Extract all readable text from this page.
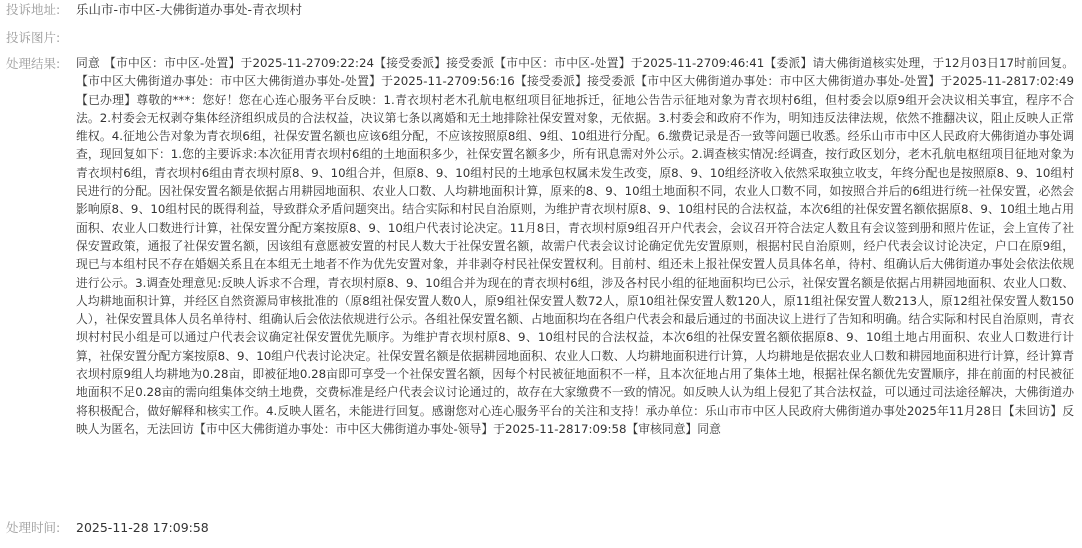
投诉地址:	乐山市-市中区-大佛街道办事处-青衣坝村
投诉图片:
处理结果:	同意 【市中区：市中区-处置】于2025-11-2709:22:24【接受委派】接受委派【市中区：市中区-处置】于2025-11-2709:46:41【委派】请大佛街道核实处理，于12月03日17时前回复。【市中区大佛街道办事处：市中区大佛街道办事处-处置】于2025-11-2709:56:16【接受委派】接受委派【市中区大佛街道办事处：市中区大佛街道办事处-处置】于2025-11-2817:02:49【已办理】尊敬的***：您好！您在心连心服务平台反映：1.青衣坝村老木孔航电枢纽项目征地拆迁，征地公告告示征地对象为青衣坝村6组，但村委会以原9组开会决议相关事宜，程序不合法。2.村委会无权剥夺集体经济组织成员的合法权益，决议第七条以离婚和无土地排除社保安置对象，无依据。3.村委会和政府不作为，明知违反法律法规，依然不推翻决议，阻止反映人正常维权。4.征地公告对象为青衣坝6组，社保安置名额也应该6组分配，不应该按照原8组、9组、10组进行分配。6.缴费记录是否一致等问题已收悉。经乐山市市中区人民政府大佛街道办事处调查，现回复如下：1.您的主要诉求:本次征用青衣坝村6组的土地面积多少，社保安置名额多少，所有讯息需对外公示。2.调查核实情况:经调查，按行政区划分，老木孔航电枢纽项目征地对象为青衣坝村6组，青衣坝村6组由青衣坝村原8、9、10组合并，但原8、9、10组村民的土地承包权属未发生改变，原8、9、10组经济收入依然采取独立收支，年终分配也是按照原8、9、10组村民进行的分配。因社保安置名额是依据占用耕园地面积、农业人口数、人均耕地面积计算，原来的8、9、10组土地面积不同，农业人口数不同，如按照合并后的6组进行统一社保安置，必然会影响原8、9、10组村民的既得利益，导致群众矛盾问题突出。结合实际和村民自治原则，为维护青衣坝村原8、9、10组村民的合法权益，本次6组的社保安置名额依据原8、9、10组土地占用面积、农业人口数进行计算，社保安置分配方案按原8、9、10组户代表讨论决定。11月8日，青衣坝村原9组召开户代表会，会议召开符合法定人数且有会议签到册和照片佐证，会上宣传了社保安置政策，通报了社保安置名额，因该组有意愿被安置的村民人数大于社保安置名额，故需户代表会议讨论确定优先安置原则，根据村民自治原则，经户代表会议讨论决定，户口在原9组，现已与本组村民不存在婚姻关系且在本组无土地者不作为优先安置对象，并非剥夺村民社保安置权利。目前村、组还未上报社保安置人员具体名单，待村、组确认后大佛街道办事处会依法依规进行公示。3.调查处理意见:反映人诉求不合理，青衣坝村原8、9、10组合并为现在的青衣坝村6组，涉及各村民小组的征地面积均已公示，社保安置名额是依据占用耕园地面积、农业人口数、人均耕地面积计算，并经区自然资源局审核批准的（原8组社保安置人数0人，原9组社保安置人数72人，原10组社保安置人数120人，原11组社保安置人数213人，原12组社保安置人数150人），社保安置具体人员名单待村、组确认后会依法依规进行公示。各组社保安置名额、占地面积均在各组户代表会和最后通过的书面决议上进行了告知和明确。结合实际和村民自治原则，青衣坝村村民小组是可以通过户代表会议确定社保安置优先顺序。为维护青衣坝村原8、9、10组村民的合法权益，本次6组的社保安置名额依据原8、9、10组土地占用面积、农业人口数进行计算，社保安置分配方案按原8、9、10组户代表讨论决定。社保安置名额是依据耕园地面积、农业人口数、人均耕地面积进行计算，人均耕地是依据农业人口数和耕园地面积进行计算，经计算青衣坝村原9组人均耕地为0.28亩，即被征地0.28亩即可享受一个社保安置名额，因每个村民被征地面积不一样，且本次征地占用了集体土地，根据社保名额优先安置顺序，排在前面的村民被征地面积不足0.28亩的需向组集体交纳土地费，交费标准是经户代表会议讨论通过的，故存在大家缴费不一致的情况。如反映人认为组上侵犯了其合法权益，可以通过司法途径解决，大佛街道办将积极配合，做好解释和核实工作。4.反映人匿名，未能进行回复。感谢您对心连心服务平台的关注和支持！承办单位：乐山市市中区人民政府大佛街道办事处2025年11月28日【未回访】反映人为匿名，无法回访【市中区大佛街道办事处：市中区大佛街道办事处-领导】于2025-11-2817:09:58【审核同意】同意
处理时间:	2025-11-28 17:09:58
